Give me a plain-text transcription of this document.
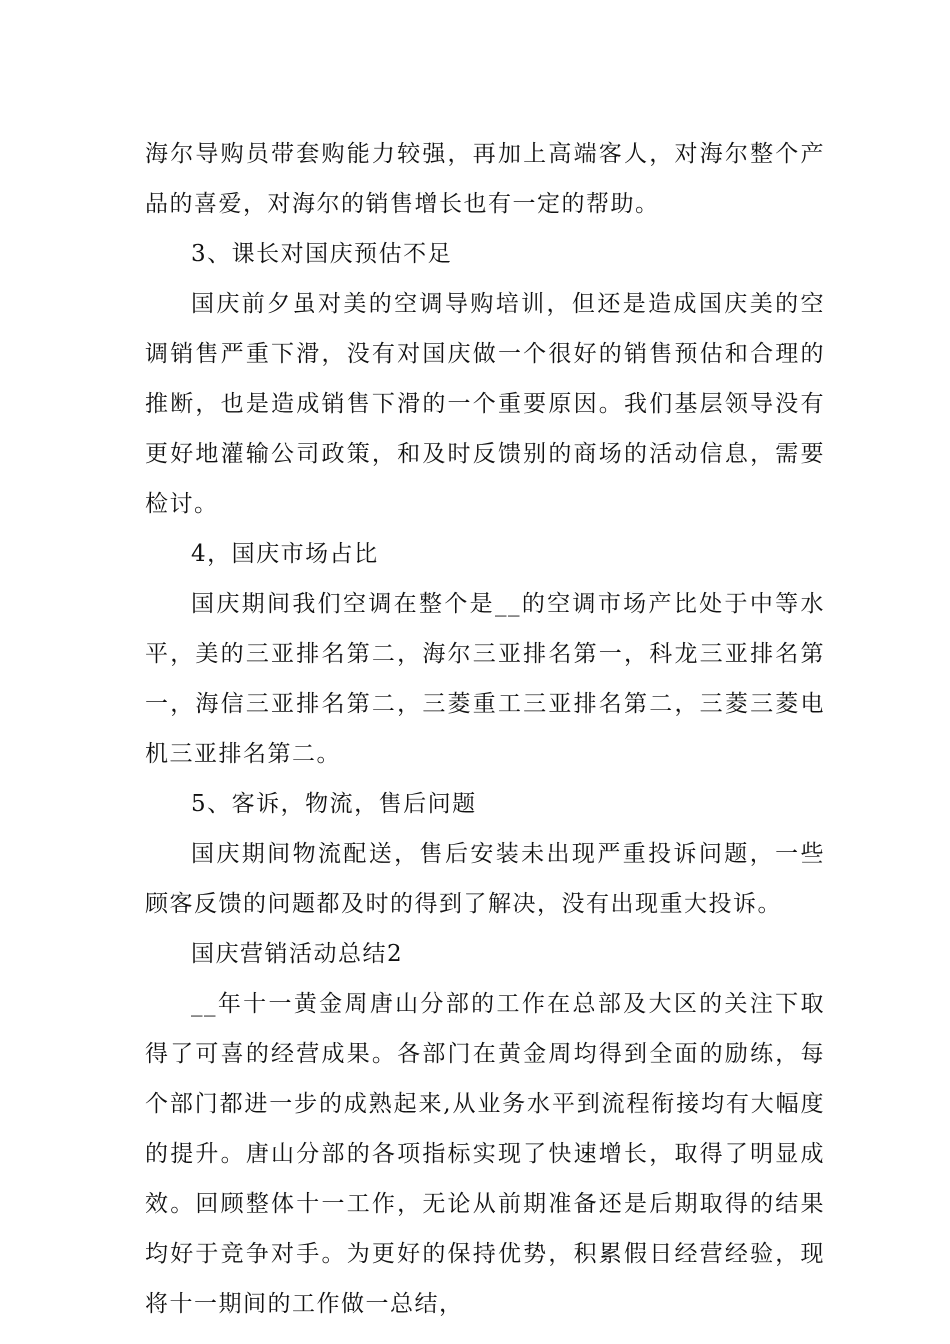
海尔导购员带套购能力较强，再加上高端客人，对海尔整个产品的喜爱，对海尔的销售增长也有一定的帮助。

3、课长对国庆预估不足

国庆前夕虽对美的空调导购培训，但还是造成国庆美的空调销售严重下滑，没有对国庆做一个很好的销售预估和合理的推断，也是造成销售下滑的一个重要原因。我们基层领导没有更好地灌输公司政策，和及时反馈别的商场的活动信息，需要检讨。

4，国庆市场占比

国庆期间我们空调在整个是__的空调市场产比处于中等水平，美的三亚排名第二，海尔三亚排名第一，科龙三亚排名第一，海信三亚排名第二，三菱重工三亚排名第二，三菱三菱电机三亚排名第二。

5、客诉，物流，售后问题

国庆期间物流配送，售后安装未出现严重投诉问题，一些顾客反馈的问题都及时的得到了解决，没有出现重大投诉。

国庆营销活动总结2

__年十一黄金周唐山分部的工作在总部及大区的关注下取得了可喜的经营成果。各部门在黄金周均得到全面的励练，每个部门都进一步的成熟起来,从业务水平到流程衔接均有大幅度的提升。唐山分部的各项指标实现了快速增长，取得了明显成效。回顾整体十一工作，无论从前期准备还是后期取得的结果均好于竞争对手。为更好的保持优势，积累假日经营经验，现将十一期间的工作做一总结，
